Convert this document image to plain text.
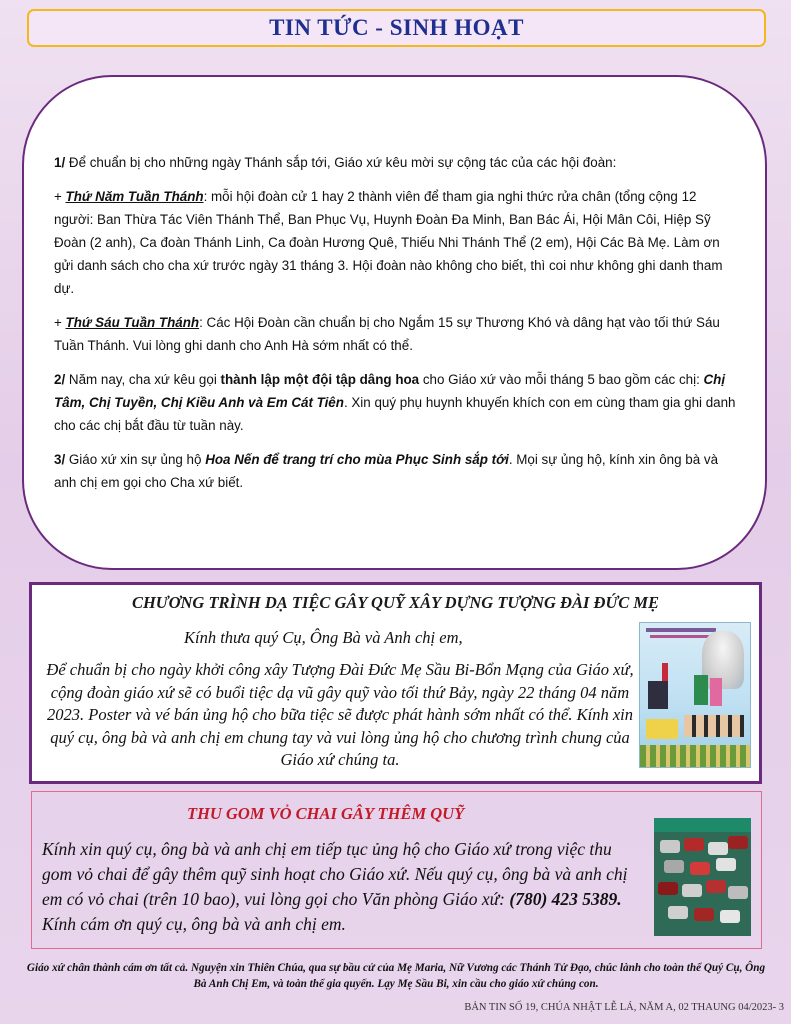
TIN TỨC - SINH HOẠT

1/ Để chuẩn bị cho những ngày Thánh sắp tới, Giáo xứ kêu mời sự cộng tác của các hội đoàn:

+ Thứ Năm Tuần Thánh: mỗi hội đoàn cử 1 hay 2 thành viên để tham gia nghi thức rửa chân (tổng cộng 12 người: Ban Thừa Tác Viên Thánh Thể, Ban Phục Vụ, Huynh Đoàn Đa Minh, Ban Bác Ái, Hội Mân Côi, Hiệp Sỹ Đoàn (2 anh), Ca đoàn Thánh Linh, Ca đoàn Hương Quê, Thiếu Nhi Thánh Thể (2 em), Hội Các Bà Mẹ. Làm ơn gửi danh sách cho cha xứ trước ngày 31 tháng 3. Hội đoàn nào không cho biết, thì coi như không ghi danh tham dự.

+ Thứ Sáu Tuần Thánh: Các Hội Đoàn cần chuẩn bị cho Ngắm 15 sự Thương Khó và dâng hạt vào tối thứ Sáu Tuần Thánh. Vui lòng ghi danh cho Anh Hà sớm nhất có thể.

2/ Năm nay, cha xứ kêu gọi thành lập một đội tập dâng hoa cho Giáo xứ vào mỗi tháng 5 bao gồm các chị: Chị Tâm, Chị Tuyền, Chị Kiều Anh và Em Cát Tiên. Xin quý phụ huynh khuyến khích con em cùng tham gia ghi danh cho các chị bắt đầu từ tuần này.

3/ Giáo xứ xin sự ủng hộ Hoa Nến để trang trí cho mùa Phục Sinh sắp tới. Mọi sự ủng hộ, kính xin ông bà và anh chị em gọi cho Cha xứ biết.

CHƯƠNG TRÌNH DẠ TIỆC GÂY QUỸ XÂY DỰNG TƯỢNG ĐÀI ĐỨC MẸ
Kính thưa quý Cụ, Ông Bà và Anh chị em,
Để chuẩn bị cho ngày khởi công xây Tượng Đài Đức Mẹ Sầu Bi-Bổn Mạng của Giáo xứ, cộng đoàn giáo xứ sẽ có buổi tiệc dạ vũ gây quỹ vào tối thứ Bảy, ngày 22 tháng 04 năm 2023. Poster và vé bán ủng hộ cho bữa tiệc sẽ được phát hành sớm nhất có thể. Kính xin quý cụ, ông bà và anh chị em chung tay và vui lòng ủng hộ cho chương trình chung của Giáo xứ chúng ta.
THU GOM VỎ CHAI GÂY THÊM QUỸ
Kính xin quý cụ, ông bà và anh chị em tiếp tục ủng hộ cho Giáo xứ trong việc thu gom vỏ chai để gây thêm quỹ sinh hoạt cho Giáo xứ. Nếu quý cụ, ông bà và anh chị em có vỏ chai (trên 10 bao), vui lòng gọi cho Văn phòng Giáo xứ: (780) 423 5389. Kính cám ơn quý cụ, ông bà và anh chị em.
Giáo xứ chân thành cám ơn tất cả. Nguyện xin Thiên Chúa, qua sự bầu cử của Mẹ Maria, Nữ Vương các Thánh Tử Đạo, chúc lành cho toàn thể Quý Cụ, Ông Bà Anh Chị Em, và toàn thể gia quyến. Lạy Mẹ Sầu Bi, xin cầu cho giáo xứ chúng con.
BẢN TIN SỐ 19, CHÚA NHẬT LỄ LÁ, NĂM A, 02 THAUNG 04/2023- 3
